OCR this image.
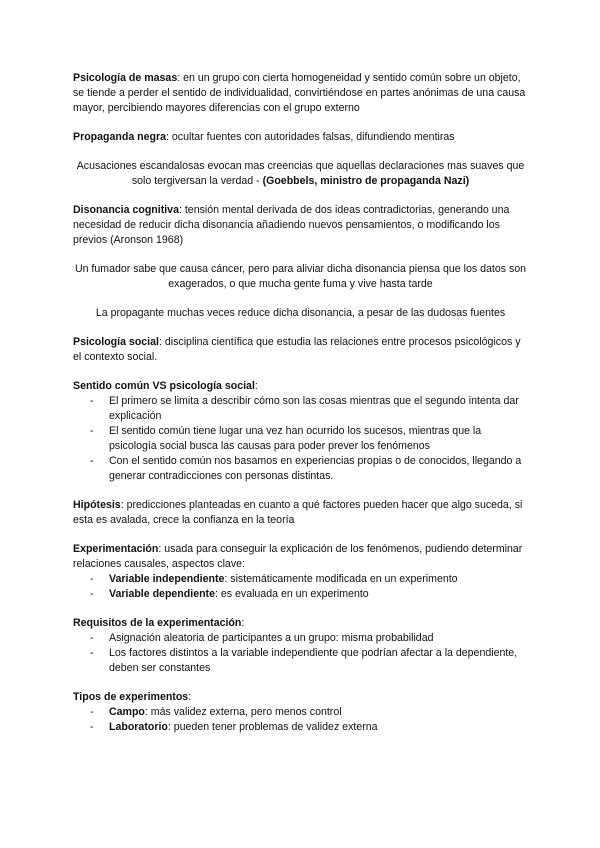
Psicología de masas: en un grupo con cierta homogeneidad y sentido común sobre un objeto, se tiende a perder el sentido de individualidad, convirtiéndose en partes anónimas de una causa mayor, percibiendo mayores diferencias con el grupo externo

Propaganda negra: ocultar fuentes con autoridades falsas, difundiendo mentiras

Acusaciones escandalosas evocan mas creencias que aquellas declaraciones mas suaves que solo tergiversan la verdad - (Goebbels, ministro de propaganda Nazi)

Disonancia cognitiva: tensión mental derivada de dos ideas contradictorias, generando una necesidad de reducir dicha disonancia añadiendo nuevos pensamientos, o modificando los previos (Aronson 1968)

Un fumador sabe que causa cáncer, pero para aliviar dicha disonancia piensa que los datos son exagerados, o que mucha gente fuma y vive hasta tarde

La propagante muchas veces reduce dicha disonancia, a pesar de las dudosas fuentes

Psicología social: disciplina científica que estudia las relaciones entre procesos psicológicos y el contexto social.

Sentido común VS psicología social:

- El primero se limita a describir cómo son las cosas mientras que el segundo intenta dar explicación
- El sentido común tiene lugar una vez han ocurrido los sucesos, mientras que la psicología social busca las causas para poder prever los fenómenos
- Con el sentido común nos basamos en experiencias propias o de conocidos, llegando a generar contradicciones con personas distintas.

Hipótesis: predicciones planteadas en cuanto a qué factores pueden hacer que algo suceda, si esta es avalada, crece la confianza en la teoría

Experimentación: usada para conseguir la explicación de los fenómenos, pudiendo determinar relaciones causales, aspectos clave:

- Variable independiente: sistemáticamente modificada en un experimento
- Variable dependiente: es evaluada en un experimento

Requisitos de la experimentación:

- Asignación aleatoria de participantes a un grupo: misma probabilidad
- Los factores distintos a la variable independiente que podrían afectar a la dependiente, deben ser constantes

Tipos de experimentos:

- Campo: más validez externa, pero menos control
- Laboratorio: pueden tener problemas de validez externa
